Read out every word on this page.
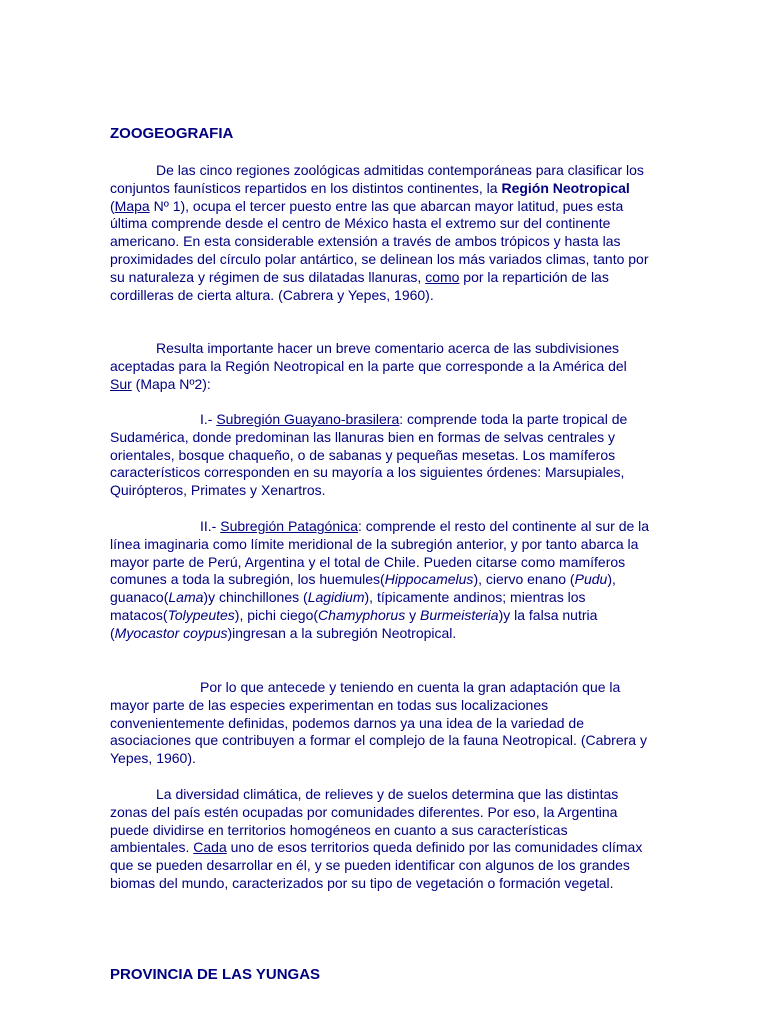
ZOOGEOGRAFIA

De las cinco regiones zoológicas admitidas contemporáneas para clasificar los conjuntos faunísticos repartidos en los distintos continentes, la Región Neotropical (Mapa Nº 1), ocupa el tercer puesto entre las que abarcan mayor latitud, pues esta última comprende desde el centro de México hasta el extremo sur del continente americano. En esta considerable extensión a través de ambos trópicos y hasta las proximidades del círculo polar antártico, se delinean los más variados climas, tanto por su naturaleza y régimen de sus dilatadas llanuras, como por la repartición de las cordilleras de cierta altura. (Cabrera y Yepes, 1960).

Resulta importante hacer un breve comentario acerca de las subdivisiones aceptadas para la Región Neotropical en la parte que corresponde a la América del Sur (Mapa Nº2):

I.- Subregión Guayano-brasilera: comprende toda la parte tropical de Sudamérica, donde predominan las llanuras bien en formas de selvas centrales y orientales, bosque chaqueño, o de sabanas y pequeñas mesetas. Los mamíferos característicos corresponden en su mayoría a los siguientes órdenes: Marsupiales, Quirópteros, Primates y Xenartros.

II.- Subregión Patagónica: comprende el resto del continente al sur de la línea imaginaria como límite meridional de la subregión anterior, y por tanto abarca la mayor parte de Perú, Argentina y el total de Chile. Pueden citarse como mamíferos comunes a toda la subregión, los huemules(Hippocamelus), ciervo enano (Pudu), guanaco(Lama)y chinchillones (Lagidium), típicamente andinos; mientras los matacos(Tolypeutes), pichi ciego(Chamyphorus y Burmeisteria)y la falsa nutria (Myocastor coypus)ingresan a la subregión Neotropical.

Por lo que antecede y teniendo en cuenta la gran adaptación que la mayor parte de las especies experimentan en todas sus localizaciones convenientemente definidas, podemos darnos ya una idea de la variedad de asociaciones que contribuyen a formar el complejo de la fauna Neotropical. (Cabrera y Yepes, 1960).

La diversidad climática, de relieves y de suelos determina que las distintas zonas del país estén ocupadas por comunidades diferentes. Por eso, la Argentina puede dividirse en territorios homogéneos en cuanto a sus características ambientales. Cada uno de esos territorios queda definido por las comunidades clímax que se pueden desarrollar en él, y se pueden identificar con algunos de los grandes biomas del mundo, caracterizados por su tipo de vegetación o formación vegetal.

PROVINCIA DE LAS YUNGAS
